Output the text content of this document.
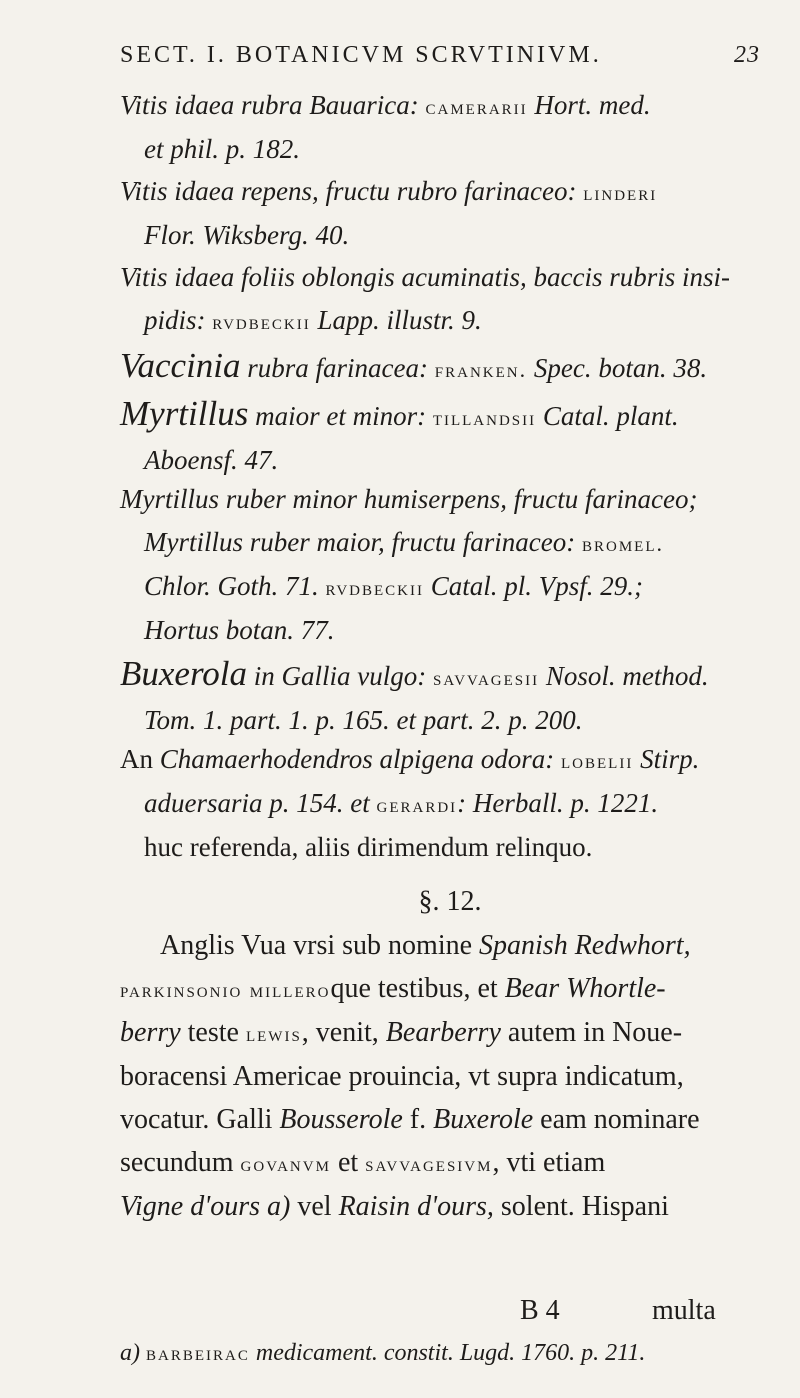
SECT. I. BOTANICVM SCRVTINIVM.	23
Vitis idaea rubra Bauarica: camerarii Hort. med.
et phil. p. 182.
Vitis idaea repens, fructu rubro farinaceo: linderi
Flor. Wiksberg. 40.
Vitis idaea foliis oblongis acuminatis, baccis rubris insi-
pidis: rvdbeckii Lapp. illustr. 9.
Vaccinia rubra farinacea: franken. Spec. botan. 38.
Myrtillus maior et minor: tillandsii Catal. plant.
Aboensf. 47.
Myrtillus ruber minor humiserpens, fructu farinaceo;
Myrtillus ruber maior, fructu farinaceo: bromel.
Chlor. Goth. 71. rvdbeckii Catal. pl. Vpsf. 29.;
Hortus botan. 77.
Buxerola in Gallia vulgo: savvagesii Nosol. method.
Tom. 1. part. 1. p. 165. et part. 2. p. 200.
An Chamaerhodendros alpigena odora: lobelii Stirp.
aduersaria p. 154. et gerardi: Herball. p. 1221.
huc referenda, aliis dirimendum relinquo.
§. 12.
Anglis Vua vrsi sub nomine Spanish Redwhort,
parkinsonio milleroque testibus, et Bear Whortle-
berry teste lewis, venit, Bearberry autem in Noue-
boracensi Americae prouincia, vt supra indicatum,
vocatur. Galli Bousserole f. Buxerole eam nominare
secundum govanvm et savvagesivm, vti etiam
Vigne d'ours a) vel Raisin d'ours, solent. Hispani
B 4	multa
a) barbeirac medicament. constit. Lugd. 1760. p. 211.
